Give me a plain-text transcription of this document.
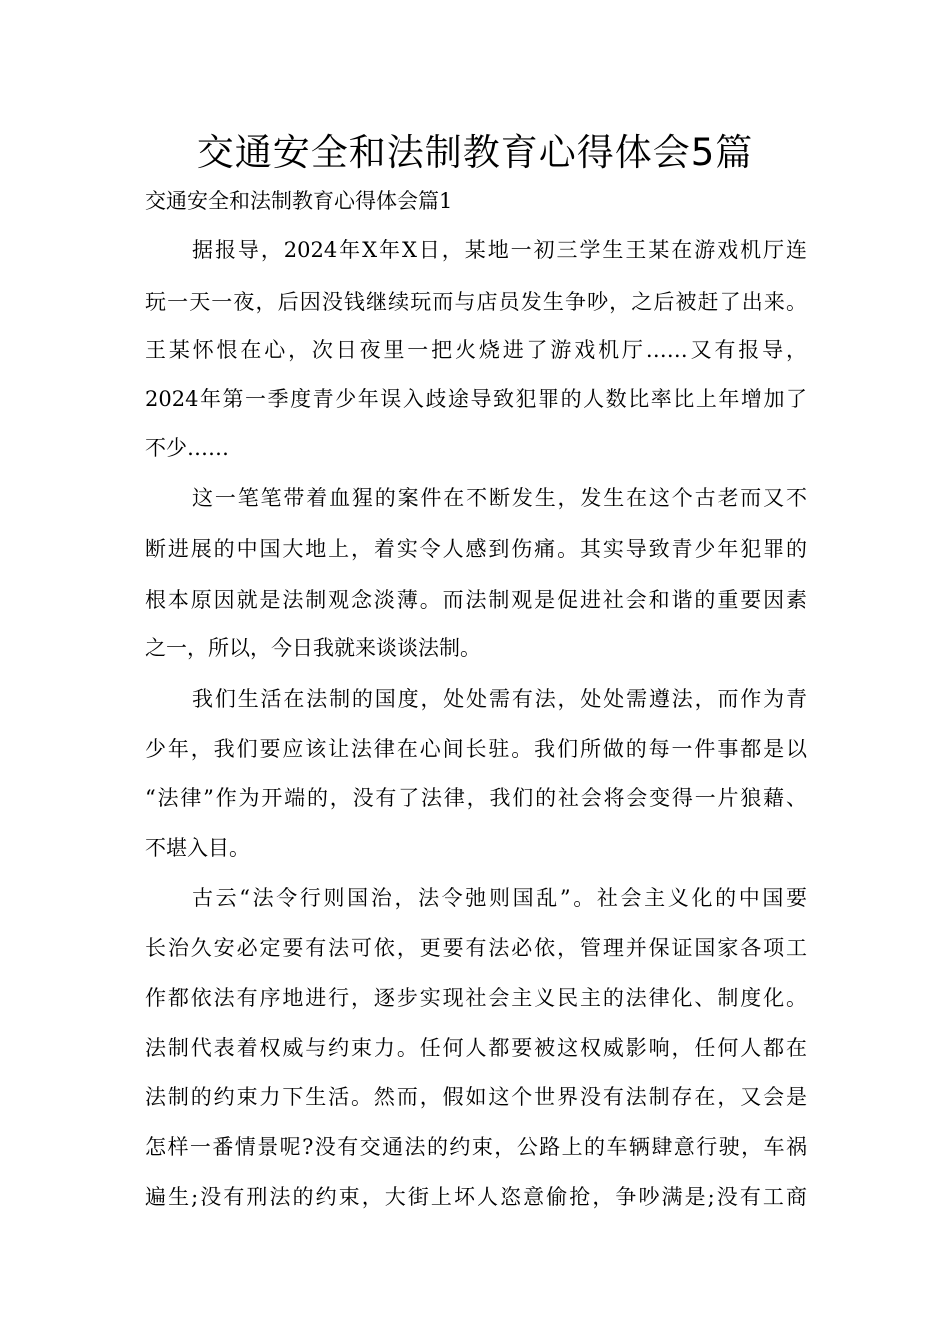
交通安全和法制教育心得体会5篇
交通安全和法制教育心得体会篇1
据报导，2024年X年X日，某地一初三学生王某在游戏机厅连
玩一天一夜，后因没钱继续玩而与店员发生争吵，之后被赶了出来。
王某怀恨在心，次日夜里一把火烧进了游戏机厅……又有报导，
2024年第一季度青少年误入歧途导致犯罪的人数比率比上年增加了
不少……
这一笔笔带着血猩的案件在不断发生，发生在这个古老而又不
断进展的中国大地上，着实令人感到伤痛。其实导致青少年犯罪的
根本原因就是法制观念淡薄。而法制观是促进社会和谐的重要因素
之一，所以，今日我就来谈谈法制。
我们生活在法制的国度，处处需有法，处处需遵法，而作为青
少年，我们要应该让法律在心间长驻。我们所做的每一件事都是以
“法律”作为开端的，没有了法律，我们的社会将会变得一片狼藉、
不堪入目。
古云“法令行则国治，法令弛则国乱”。社会主义化的中国要
长治久安必定要有法可依，更要有法必依，管理并保证国家各项工
作都依法有序地进行，逐步实现社会主义民主的法律化、制度化。
法制代表着权威与约束力。任何人都要被这权威影响，任何人都在
法制的约束力下生活。然而，假如这个世界没有法制存在，又会是
怎样一番情景呢?没有交通法的约束，公路上的车辆肆意行驶，车祸
遍生;没有刑法的约束，大街上坏人恣意偷抢，争吵满是;没有工商
